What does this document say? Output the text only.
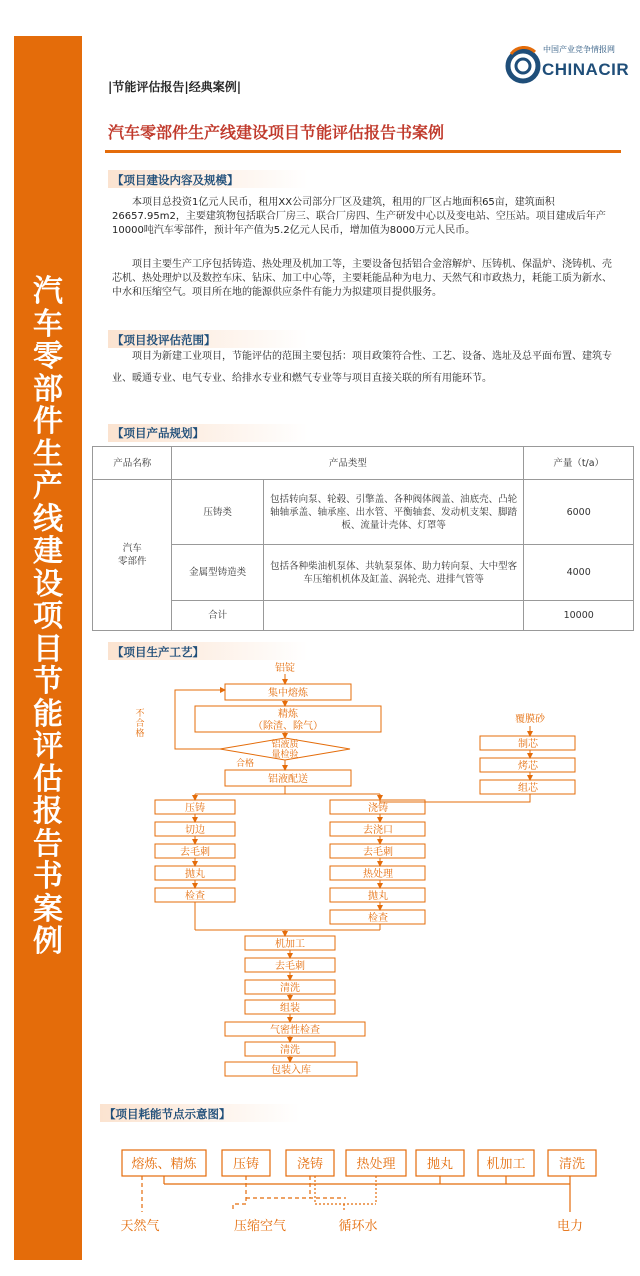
汽
车
零
部
件
生
产
线
建
设
项
目
节
能
评
估
报
告
书
案
例
|节能评估报告|经典案例|
中国产业竞争情报网
CHINACIR
汽车零部件生产线建设项目节能评估报告书案例
【项目建设内容及规模】
本项目总投资1亿元人民币，租用XX公司部分厂区及建筑，租用的厂区占地面积65亩，建筑面积26657.95m2，主要建筑物包括联合厂房三、联合厂房四、生产研发中心以及变电站、空压站。项目建成后年产10000吨汽车零部件，预计年产值为5.2亿元人民币，增加值为8000万元人民币。
项目主要生产工序包括铸造、热处理及机加工等，主要设备包括铝合金溶解炉、压铸机、保温炉、浇铸机、壳芯机、热处理炉以及数控车床、钻床、加工中心等，主要耗能品种为电力、天然气和市政热力，耗能工质为新水、中水和压缩空气。项目所在地的能源供应条件有能力为拟建项目提供服务。
【项目投评估范围】
项目为新建工业项目，节能评估的范围主要包括：项目政策符合性、工艺、设备、选址及总平面布置、建筑专业、暖通专业、电气专业、给排水专业和燃气专业等与项目直接关联的所有用能环节。
【项目产品规划】
产品名称	产品类型		产量（t/a）
汽车
零部件	压铸类	包括转向泵、轮毂、引擎盖、各种阀体阀盖、油底壳、凸轮轴轴承盖、轴承座、出水管、平衡轴套、发动机支架、脚踏板、流量计壳体、灯罩等	6000
	金属型铸造类	包括各种柴油机泵体、共轨泵泵体、助力转向泵、大中型客车压缩机机体及缸盖、涡轮壳、进排气管等	4000
	合计		10000
【项目生产工艺】
铝锭
集中熔炼
精炼
（除渣、除气）
铝液质
量检验
不
合
格
合格
铝液配送
覆膜砂
制芯
烤芯
组芯
压铸
切边
去毛刺
抛丸
检查
浇铸
去浇口
去毛刺
热处理
抛丸
检查
机加工
去毛刺
清洗
组装
气密性检查
清洗
包装入库
【项目耗能节点示意图】
熔炼、精炼	压铸	浇铸	热处理 抛丸	机加工	清洗
天然气	压缩空气	循环水	电力
